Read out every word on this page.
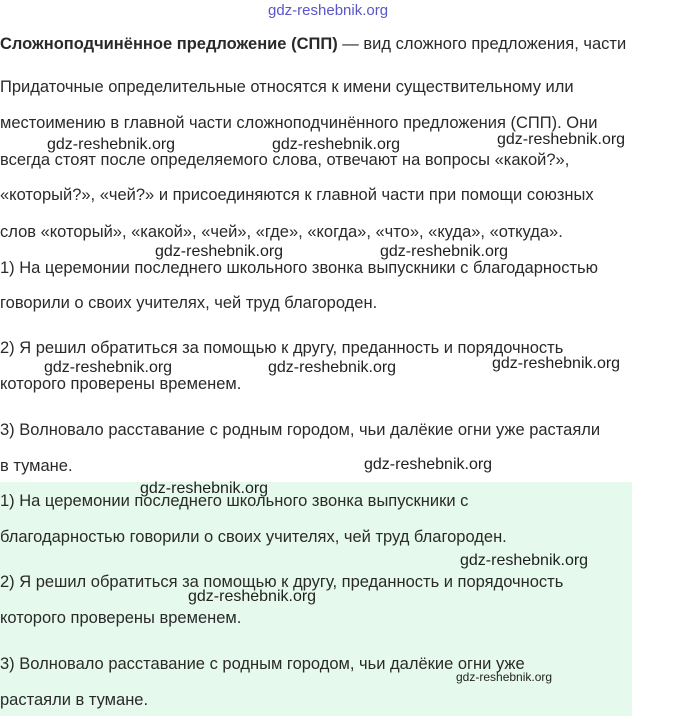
gdz-reshebnik.org
Сложноподчинённое предложение (СПП) — вид сложного предложения, части
Придаточные определительные относятся к имени существительному или
местоимению в главной части сложноподчинённого предложения (СПП). Они
всегда стоят после определяемого слова, отвечают на вопросы «какой?»,
«который?», «чей?» и присоединяются к главной части при помощи союзных
слов «который», «какой», «чей», «где», «когда», «что», «куда», «откуда».
1) На церемонии последнего школьного звонка выпускники с благодарностью
говорили о своих учителях, чей труд благороден.
2) Я решил обратиться за помощью к другу, преданность и порядочность
которого проверены временем.
3) Волновало расставание с родным городом, чьи далёкие огни уже растаяли
в тумане.
1) На церемонии последнего школьного звонка выпускники с
благодарностью говорили о своих учителях, чей труд благороден.
2) Я решил обратиться за помощью к другу, преданность и порядочность
которого проверены временем.
3) Волновало расставание с родным городом, чьи далёкие огни уже
растаяли в тумане.
gdz-reshebnik.org	gdz-reshebnik.org	gdz-reshebnik.org
gdz-reshebnik.org	gdz-reshebnik.org
gdz-reshebnik.org	gdz-reshebnik.org	gdz-reshebnik.org
gdz-reshebnik.org
gdz-reshebnik.org
gdz-reshebnik.org
gdz-reshebnik.org
gdz-reshebnik.org
